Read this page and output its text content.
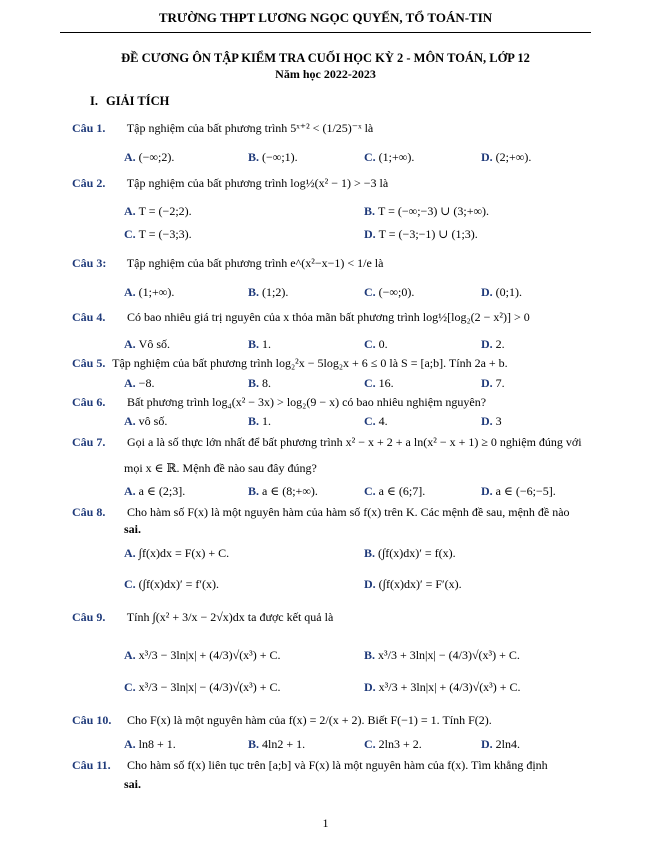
TRƯỜNG THPT LƯƠNG NGỌC QUYẾN, TỔ TOÁN-TIN
ĐỀ CƯƠNG ÔN TẬP KIỂM TRA CUỐI HỌC KỲ 2 - MÔN TOÁN, LỚP 12
Năm học 2022-2023
I. GIẢI TÍCH
Câu 1. Tập nghiệm của bất phương trình 5ˣ⁺² < (1/25)⁻ˣ là
A. (−∞;2).	B. (−∞;1).	C. (1;+∞).	D. (2;+∞).
Câu 2. Tập nghiệm của bất phương trình log½(x² − 1) > −3 là
A. T = (−2;2).	B. T = (−∞;−3) ∪ (3;+∞).
C. T = (−3;3).	D. T = (−3;−1) ∪ (1;3).
Câu 3: Tập nghiệm của bất phương trình e^(x²−x−1) < 1/e là
A. (1;+∞).	B. (1;2).	C. (−∞;0).	D. (0;1).
Câu 4. Có bao nhiêu giá trị nguyên của x thỏa mãn bất phương trình log½[log₂(2 − x²)] > 0
A. Vô số.	B. 1.	C. 0.	D. 2.
Câu 5. Tập nghiệm của bất phương trình log₂²x − 5log₂x + 6 ≤ 0 là S = [a;b]. Tính 2a + b.
A. −8.	B. 8.	C. 16.	D. 7.
Câu 6. Bất phương trình log₄(x² − 3x) > log₂(9 − x) có bao nhiêu nghiệm nguyên?
A. vô số.	B. 1.	C. 4.	D. 3
Câu 7. Gọi a là số thực lớn nhất để bất phương trình x² − x + 2 + a ln(x² − x + 1) ≥ 0 nghiệm đúng với
mọi x ∈ ℝ. Mệnh đề nào sau đây đúng?
A. a ∈ (2;3].	B. a ∈ (8;+∞).	C. a ∈ (6;7].	D. a ∈ (−6;−5].
Câu 8. Cho hàm số F(x) là một nguyên hàm của hàm số f(x) trên K. Các mệnh đề sau, mệnh đề nào
sai.
A. ∫f(x)dx = F(x) + C.	B. (∫f(x)dx)′ = f(x).
C. (∫f(x)dx)′ = f′(x).	D. (∫f(x)dx)′ = F′(x).
Câu 9. Tính ∫(x² + 3/x − 2√x)dx ta được kết quả là
A. x³/3 − 3ln|x| + (4/3)√(x³) + C.	B. x³/3 + 3ln|x| − (4/3)√(x³) + C.
C. x³/3 − 3ln|x| − (4/3)√(x³) + C.	D. x³/3 + 3ln|x| + (4/3)√(x³) + C.
Câu 10. Cho F(x) là một nguyên hàm của f(x) = 2/(x + 2). Biết F(−1) = 1. Tính F(2).
A. ln8 + 1.	B. 4ln2 + 1.	C. 2ln3 + 2.	D. 2ln4.
Câu 11. Cho hàm số f(x) liên tục trên [a;b] và F(x) là một nguyên hàm của f(x). Tìm khẳng định
sai.
1
